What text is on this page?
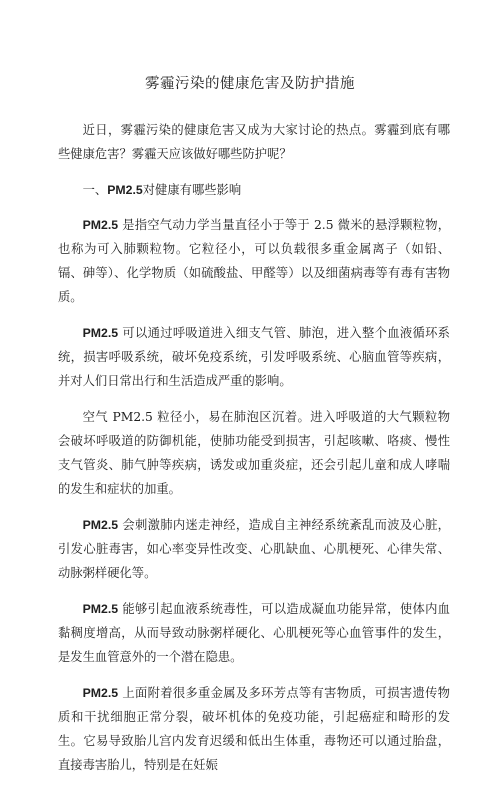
雾霾污染的健康危害及防护措施

近日，雾霾污染的健康危害又成为大家讨论的热点。雾霾到底有哪些健康危害？雾霾天应该做好哪些防护呢？

一、PM2.5对健康有哪些影响

PM2.5 是指空气动力学当量直径小于等于 2.5 微米的悬浮颗粒物，也称为可入肺颗粒物。它粒径小，可以负载很多重金属离子（如铅、镉、砷等）、化学物质（如硫酸盐、甲醛等）以及细菌病毒等有毒有害物质。

PM2.5 可以通过呼吸道进入细支气管、肺泡，进入整个血液循环系统，损害呼吸系统，破坏免疫系统，引发呼吸系统、心脑血管等疾病，并对人们日常出行和生活造成严重的影响。

空气 PM2.5 粒径小，易在肺泡区沉着。进入呼吸道的大气颗粒物会破坏呼吸道的防御机能，使肺功能受到损害，引起咳嗽、咯痰、慢性支气管炎、肺气肿等疾病，诱发或加重炎症，还会引起儿童和成人哮喘的发生和症状的加重。

PM2.5 会刺激肺内迷走神经，造成自主神经系统紊乱而波及心脏，引发心脏毒害，如心率变异性改变、心肌缺血、心肌梗死、心律失常、动脉粥样硬化等。

PM2.5 能够引起血液系统毒性，可以造成凝血功能异常，使体内血黏稠度增高，从而导致动脉粥样硬化、心肌梗死等心血管事件的发生，是发生血管意外的一个潜在隐患。

PM2.5 上面附着很多重金属及多环芳点等有害物质，可损害遗传物质和干扰细胞正常分裂，破坏机体的免疫功能，引起癌症和畸形的发生。它易导致胎儿宫内发育迟缓和低出生体重，毒物还可以通过胎盘，直接毒害胎儿，特别是在妊娠
